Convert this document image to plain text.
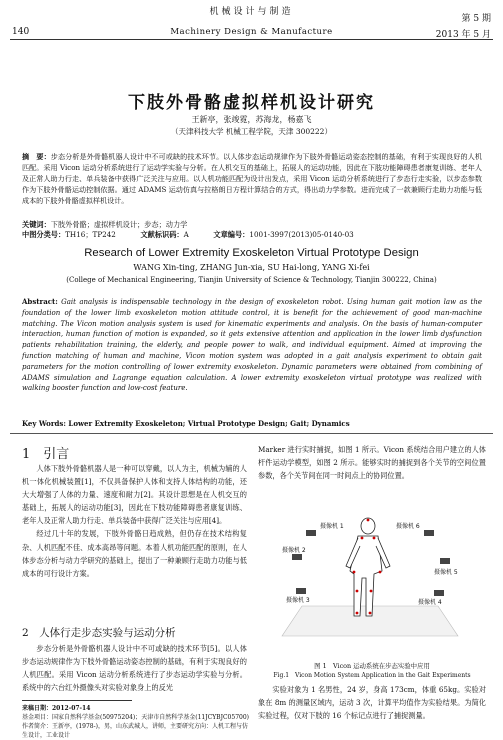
机械设计与制造
140	Machinery Design & Manufacture
第 5 期
2013 年 5 月
下肢外骨骼虚拟样机设计研究
王新亭，张竣霓，苏海龙，杨嘉飞
（天津科技大学 机械工程学院，天津 300222）
摘　要：步态分析是外骨骼机器人设计中不可或缺的技术环节。以人体步态运动规律作为下肢外骨骼运动姿态控制的基础，有利于实现良好的人机匹配。采用 Vicon 运动分析系统进行了运动学实验与分析。在人机交互的基础上，拓展人的运动功能，因此在下肢功能障碍患者康复训练、老年人及正常人助力行走、单兵装备中获得广泛关注与应用。以人机功能匹配为设计出发点，采用 Vicon 运动分析系统进行了步态行走实验，以步态参数作为下肢外骨骼运动控制依据。通过 ADAMS 运动仿真与拉格朗日方程计算结合的方式，得出动力学参数。进而完成了一款兼顾行走助力功能与低成本的下肢外骨骼虚拟样机设计。
关键词：下肢外骨骼；虚拟样机设计；步态；动力学
中图分类号：TH16；TP242	文献标识码：A	文章编号：1001-3997(2013)05-0140-03
Research of Lower Extremity Exoskeleton Virtual Prototype Design
WANG Xin-ting, ZHANG Jun-xia, SU Hai-long, YANG Xi-fei
(College of Mechanical Engineering, Tianjin University of Science & Technology, Tianjin 300222, China)
Abstract: Gait analysis is indispensable technology in the design of exoskeleton robot. Using human gait motion law as the foundation of the lower limb exoskeleton motion attitude control, it is benefit for the achievement of good man-machine matching. The Vicon motion analysis system is used for kinematic experiments and analysis. On the basis of human-computer interaction, human function of motion is expanded, so it gets extensive attention and application in the lower limb dysfunction patients rehabilitation training, the elderly, and people power to walk, and individual equipment. Aimed at improving the function matching of human and machine, Vicon motion system was adopted in a gait analysis experiment to obtain gait parameters for the motion controlling of lower extremity exoskeleton. Dynamic parameters were obtained from combining of ADAMS simulation and Lagrange equation calculation. A lower extremity exoskeleton virtual prototype was realized with walking booster function and low-cost feature.
Key Words: Lower Extremity Exoskeleton; Virtual Prototype Design; Gait; Dynamics
1　引言

人体下肢外骨骼机器人是一种可以穿戴，以人为主，机械为辅的人机一体化机械装置[1]，不仅具备保护人体和支持人体结构的功能，还大大增强了人体的力量、速度和耐力[2]。其设计思想是在人机交互的基础上，拓展人的运动功能[3]，因此在下肢功能障碍患者康复训练、老年人及正常人助力行走、单兵装备中获得广泛关注与应用[4]。

经过几十年的发展，下肢外骨骼日趋成熟，但仍存在技术结构复杂、人机匹配不佳、成本高昂等问题。本着人机功能匹配的原则，在人体步态分析与动力学研究的基础上，提出了一种兼顾行走助力功能与低成本的可行设计方案。

2　人体行走步态实验与运动分析

步态分析是外骨骼机器人设计中不可或缺的技术环节[5]。以人体步态运动规律作为下肢外骨骼运动姿态控制的基础，有利于实现良好的人机匹配。采用 Vicon 运动分析系统进行了步态运动学实验与分析。系统中的六台红外摄像头对实验对象身上的反光

来稿日期：2012-07-14
基金项目：国家自然科学基金(50975204)；天津市自然科学基金(11JCYBJC05700)
作者简介：王新亭，(1978-)，男，山东武城人，讲师，主要研究方向：人机工程与仿生设计，工业设计

Marker 进行实时捕捉，如图 1 所示。Vicon 系统结合用户建立的人体杆件运动学模型，如图 2 所示。能够实时的捕捉到各个关节的空间位置参数，各个关节间在同一时间点上的协同位置。

摄像机 1	摄像机 6
摄像机 2
摄像机 5
摄像机 3	摄像机 4
图 1　Vicon 运动系统在步态实验中应用
Fig.1　Vicon Motion System Application in the Gait Experiments

实验对象为 1 名男性，24 岁，身高 173cm，体重 65kg。实验对象在 8m 的测量区域内，运动 3 次，计算平均值作为实验结果。为简化实验过程，仅对下肢的 16 个标记点进行了捕捉测量。
